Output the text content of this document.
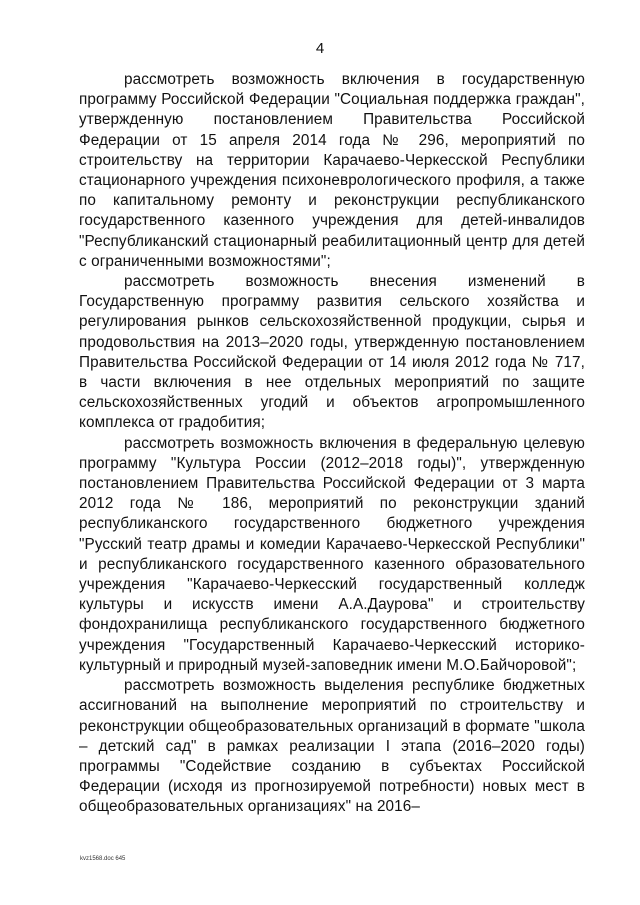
4

рассмотреть возможность включения в государственную программу Российской Федерации "Социальная поддержка граждан", утвержденную постановлением Правительства Российской Федерации от 15 апреля 2014 года № 296, мероприятий по строительству на территории Карачаево-Черкесской Республики стационарного учреждения психоневрологического профиля, а также по капитальному ремонту и реконструкции республиканского государственного казенного учреждения для детей-инвалидов "Республиканский стационарный реабилитационный центр для детей с ограниченными возможностями";

рассмотреть возможность внесения изменений в Государственную программу развития сельского хозяйства и регулирования рынков сельскохозяйственной продукции, сырья и продовольствия на 2013–2020 годы, утвержденную постановлением Правительства Российской Федерации от 14 июля 2012 года № 717, в части включения в нее отдельных мероприятий по защите сельскохозяйственных угодий и объектов агропромышленного комплекса от градобития;

рассмотреть возможность включения в федеральную целевую программу "Культура России (2012–2018 годы)", утвержденную постановлением Правительства Российской Федерации от 3 марта 2012 года № 186, мероприятий по реконструкции зданий республиканского государственного бюджетного учреждения "Русский театр драмы и комедии Карачаево-Черкесской Республики" и республиканского государственного казенного образовательного учреждения "Карачаево-Черкесский государственный колледж культуры и искусств имени А.А.Даурова" и строительству фондохранилища республиканского государственного бюджетного учреждения "Государственный Карачаево-Черкесский историко-культурный и природный музей-заповедник имени М.О.Байчоровой";

рассмотреть возможность выделения республике бюджетных ассигнований на выполнение мероприятий по строительству и реконструкции общеобразовательных организаций в формате "школа – детский сад" в рамках реализации I этапа (2016–2020 годы) программы "Содействие созданию в субъектах Российской Федерации (исходя из прогнозируемой потребности) новых мест в общеобразовательных организациях" на 2016–

kvz1568.doc 645
